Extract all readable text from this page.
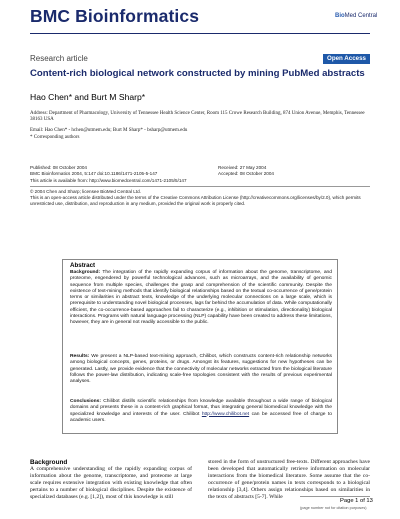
BMC Bioinformatics	BioMed Central
Research article	Open Access
Content-rich biological network constructed by mining PubMed abstracts
Hao Chen* and Burt M Sharp*
Address: Department of Pharmacology, University of Tennessee Health Science Center, Room 115 Crowe Research Building, 874 Union Avenue, Memphis, Tennessee 38163 USA
Email: Hao Chen* - hchen@utmem.edu; Burt M Sharp* - bsharp@utmem.edu
* Corresponding authors
Published: 08 October 2004	Received: 27 May 2004
BMC Bioinformatics 2004, 5:147 doi:10.1186/1471-2105-5-147	Accepted: 08 October 2004
This article is available from: http://www.biomedcentral.com/1471-2105/5/147
© 2004 Chen and Sharp; licensee BioMed Central Ltd.
This is an open-access article distributed under the terms of the Creative Commons Attribution License (http://creativecommons.org/licenses/by/2.0), which permits unrestricted use, distribution, and reproduction in any medium, provided the original work is properly cited.
Abstract
Background: The integration of the rapidly expanding corpus of information about the genome, transcriptome, and proteome, engendered by powerful technological advances, such as microarrays, and the availability of genomic sequence from multiple species, challenges the grasp and comprehension of the scientific community. Despite the existence of text-mining methods that identify biological relationships based on the textual co-occurrence of gene/protein terms or similarities in abstract texts, knowledge of the underlying molecular connections on a large scale, which is prerequisite to understanding novel biological processes, lags far behind the accumulation of data. While computationally efficient, the co-occurrence-based approaches fail to characterize (e.g., inhibition or stimulation, directionality) biological interactions. Programs with natural language processing (NLP) capability have been created to address these limitations, however, they are in general not readily accessible to the public.
Results: We present a NLP-based text-mining approach, Chilibot, which constructs content-rich relationship networks among biological concepts, genes, proteins, or drugs. Amongst its features, suggestions for new hypotheses can be generated. Lastly, we provide evidence that the connectivity of molecular networks extracted from the biological literature follows the power-law distribution, indicating scale-free topologies consistent with the results of previous experimental analyses.
Conclusions: Chilibot distills scientific relationships from knowledge available throughout a wide range of biological domains and presents these in a content-rich graphical format, thus integrating general biomedical knowledge with the specialized knowledge and interests of the user. Chilibot http://www.chilibot.net can be accessed free of charge to academic users.
Background
A comprehensive understanding of the rapidly expanding corpus of information about the genome, transcriptome, and proteome at large scale requires extensive integration with existing knowledge that often pertains to a number of biological disciplines. Despite the existence of specialized databases (e.g. [1,2]), most of this knowledge is still
stored in the form of unstructured free-texts. Different approaches have been developed that automatically retrieve information on molecular interactions from the biomedical literature. Some assume that the co-occurrence of gene/protein names in texts corresponds to a biological relationship [3,4]. Others assign relationships based on similarities in the texts of abstracts [5-7]. While
Page 1 of 13
(page number not for citation purposes)
